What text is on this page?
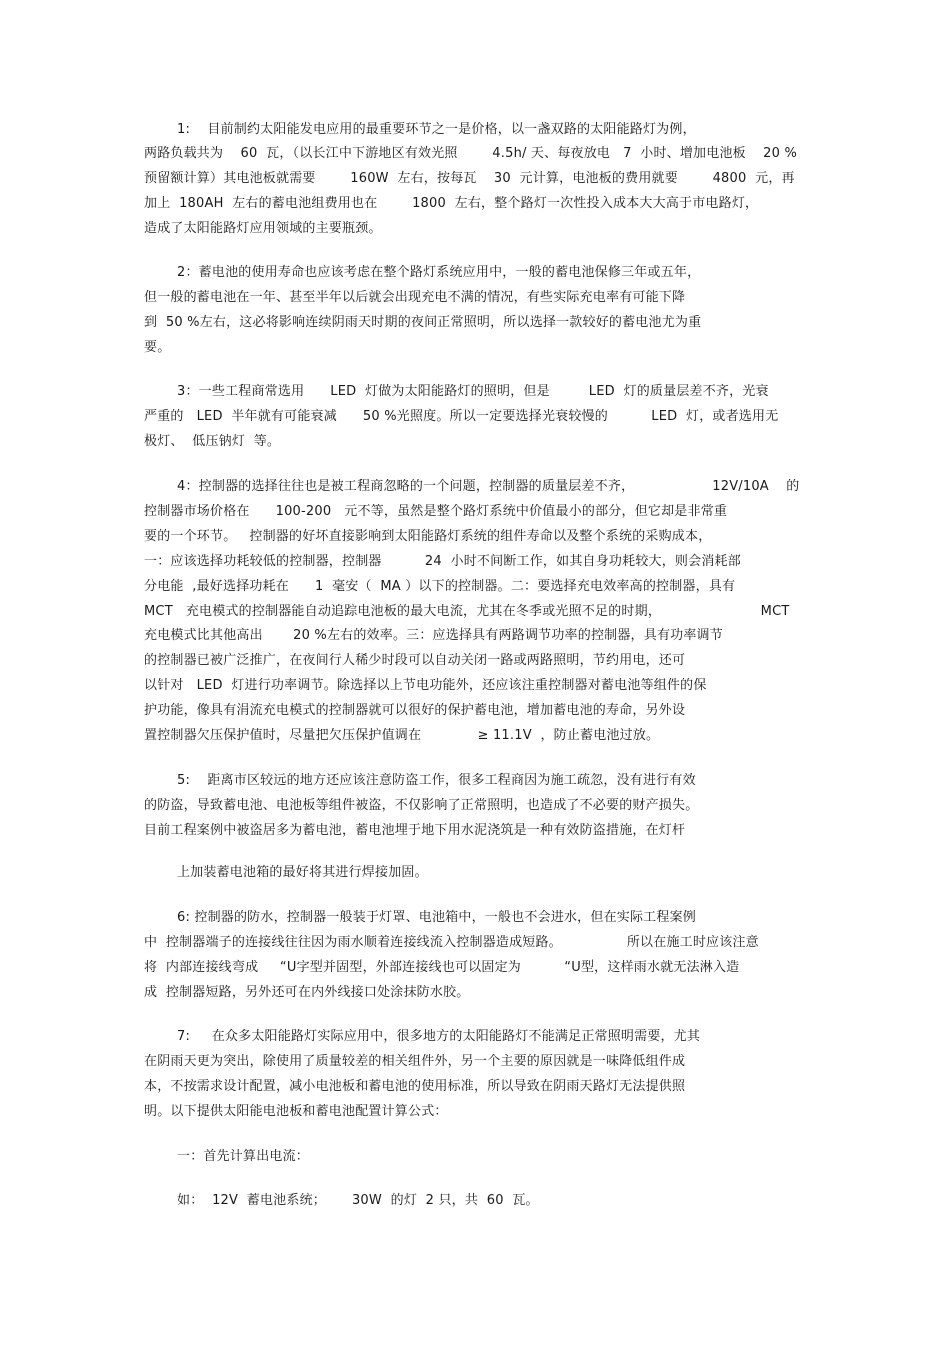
1:    目前制约太阳能发电应用的最重要环节之一是价格，以一盏双路的太阳能路灯为例，
两路负载共为    60  瓦，（以长江中下游地区有效光照        4.5h/ 天、每夜放电   7  小时、增加电池板    20 %
预留额计算）其电池板就需要        160W  左右，按每瓦    30  元计算，电池板的费用就要        4800  元，再
加上  180AH  左右的蓄电池组费用也在        1800  左右，整个路灯一次性投入成本大大高于市电路灯，
造成了太阳能路灯应用领域的主要瓶颈。
2：蓄电池的使用寿命也应该考虑在整个路灯系统应用中，一般的蓄电池保修三年或五年，
但一般的蓄电池在一年、甚至半年以后就会出现充电不满的情况，有些实际充电率有可能下降
到  50 %左右，这必将影响连续阴雨天时期的夜间正常照明，所以选择一款较好的蓄电池尤为重
要。
3：一些工程商常选用      LED  灯做为太阳能路灯的照明，但是         LED  灯的质量层差不齐，光衰
严重的   LED  半年就有可能衰减      50 %光照度。所以一定要选择光衰较慢的          LED  灯，或者选用无
极灯、  低压钠灯  等。
4：控制器的选择往往也是被工程商忽略的一个问题，控制器的质量层差不齐，                  12V/10A    的
控制器市场价格在      100-200   元不等，虽然是整个路灯系统中价值最小的部分，但它却是非常重
要的一个环节。   控制器的好坏直接影响到太阳能路灯系统的组件寿命以及整个系统的采购成本，
一：应该选择功耗较低的控制器，控制器          24  小时不间断工作，如其自身功耗较大，则会消耗部
分电能  ,最好选择功耗在      1  毫安（  MA ）以下的控制器。二：要选择充电效率高的控制器，具有
MCT   充电模式的控制器能自动追踪电池板的最大电流，尤其在冬季或光照不足的时期，                       MCT
充电模式比其他高出       20 %左右的效率。三：应选择具有两路调节功率的控制器，具有功率调节
的控制器已被广泛推广，在夜间行人稀少时段可以自动关闭一路或两路照明，节约用电，还可
以针对   LED  灯进行功率调节。除选择以上节电功能外，还应该注重控制器对蓄电池等组件的保
护功能，像具有涓流充电模式的控制器就可以很好的保护蓄电池，增加蓄电池的寿命，另外设
置控制器欠压保护值时，尽量把欠压保护值调在             ≥ 11.1V  ，防止蓄电池过放。
5:    距离市区较远的地方还应该注意防盗工作，很多工程商因为施工疏忽，没有进行有效
的防盗，导致蓄电池、电池板等组件被盗，不仅影响了正常照明，也造成了不必要的财产损失。
目前工程案例中被盗居多为蓄电池，蓄电池埋于地下用水泥浇筑是一种有效防盗措施，在灯杆
上加装蓄电池箱的最好将其进行焊接加固。
6: 控制器的防水，控制器一般装于灯罩、电池箱中，一般也不会进水，但在实际工程案例
中  控制器端子的连接线往往因为雨水顺着连接线流入控制器造成短路。               所以在施工时应该注意
将  内部连接线弯成     “U字型并固型，外部连接线也可以固定为          “U型，这样雨水就无法淋入造
成  控制器短路，另外还可在内外线接口处涂抹防水胶。
7:     在众多太阳能路灯实际应用中，很多地方的太阳能路灯不能满足正常照明需要，尤其
在阴雨天更为突出，除使用了质量较差的相关组件外，另一个主要的原因就是一味降低组件成
本，不按需求设计配置，减小电池板和蓄电池的使用标准，所以导致在阴雨天路灯无法提供照
明。以下提供太阳能电池板和蓄电池配置计算公式：
一：首先计算出电流：
如：  12V  蓄电池系统；      30W  的灯  2 只，共  60  瓦。
